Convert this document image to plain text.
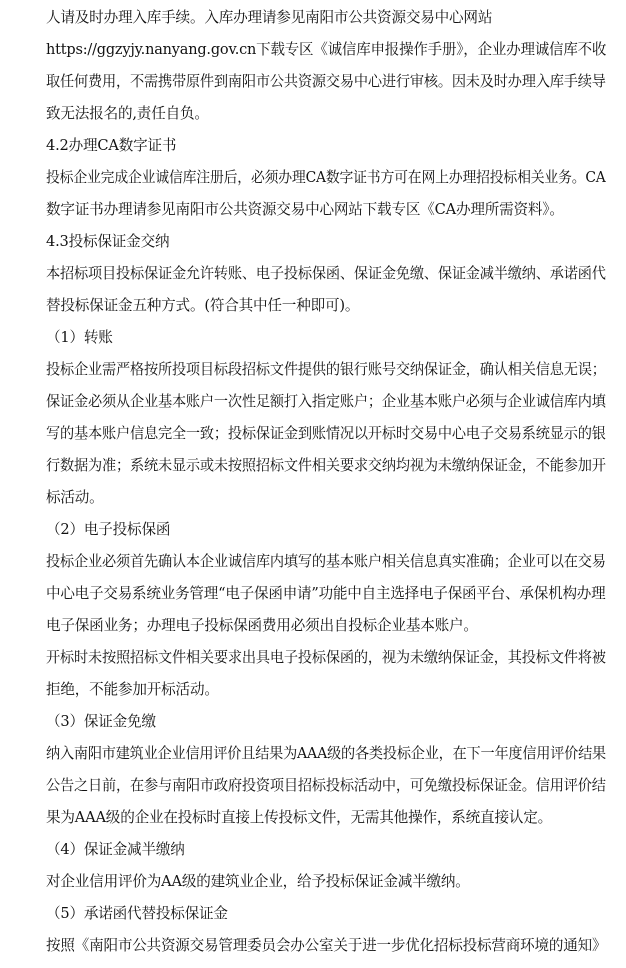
人请及时办理入库手续。入库办理请参见南阳市公共资源交易中心网站
https://ggzyjy.nanyang.gov.cn下载专区《诚信库申报操作手册》，企业办理诚信库不收
取任何费用，不需携带原件到南阳市公共资源交易中心进行审核。因未及时办理入库手续导
致无法报名的,责任自负。
4.2办理CA数字证书
投标企业完成企业诚信库注册后，必须办理CA数字证书方可在网上办理招投标相关业务。CA
数字证书办理请参见南阳市公共资源交易中心网站下载专区《CA办理所需资料》。
4.3投标保证金交纳
本招标项目投标保证金允许转账、电子投标保函、保证金免缴、保证金减半缴纳、承诺函代
替投标保证金五种方式。(符合其中任一种即可)。
（1）转账
投标企业需严格按所投项目标段招标文件提供的银行账号交纳保证金，确认相关信息无误；
保证金必须从企业基本账户一次性足额打入指定账户；企业基本账户必须与企业诚信库内填
写的基本账户信息完全一致；投标保证金到账情况以开标时交易中心电子交易系统显示的银
行数据为准；系统未显示或未按照招标文件相关要求交纳均视为未缴纳保证金，不能参加开
标活动。
（2）电子投标保函
投标企业必须首先确认本企业诚信库内填写的基本账户相关信息真实准确；企业可以在交易
中心电子交易系统业务管理“电子保函申请”功能中自主选择电子保函平台、承保机构办理
电子保函业务；办理电子投标保函费用必须出自投标企业基本账户。
开标时未按照招标文件相关要求出具电子投标保函的，视为未缴纳保证金，其投标文件将被
拒绝，不能参加开标活动。
（3）保证金免缴
纳入南阳市建筑业企业信用评价且结果为AAA级的各类投标企业，在下一年度信用评价结果
公告之日前，在参与南阳市政府投资项目招标投标活动中，可免缴投标保证金。信用评价结
果为AAA级的企业在投标时直接上传投标文件，无需其他操作，系统直接认定。
（4）保证金减半缴纳
对企业信用评价为AA级的建筑业企业，给予投标保证金减半缴纳。
（5）承诺函代替投标保证金
按照《南阳市公共资源交易管理委员会办公室关于进一步优化招标投标营商环境的通知》
